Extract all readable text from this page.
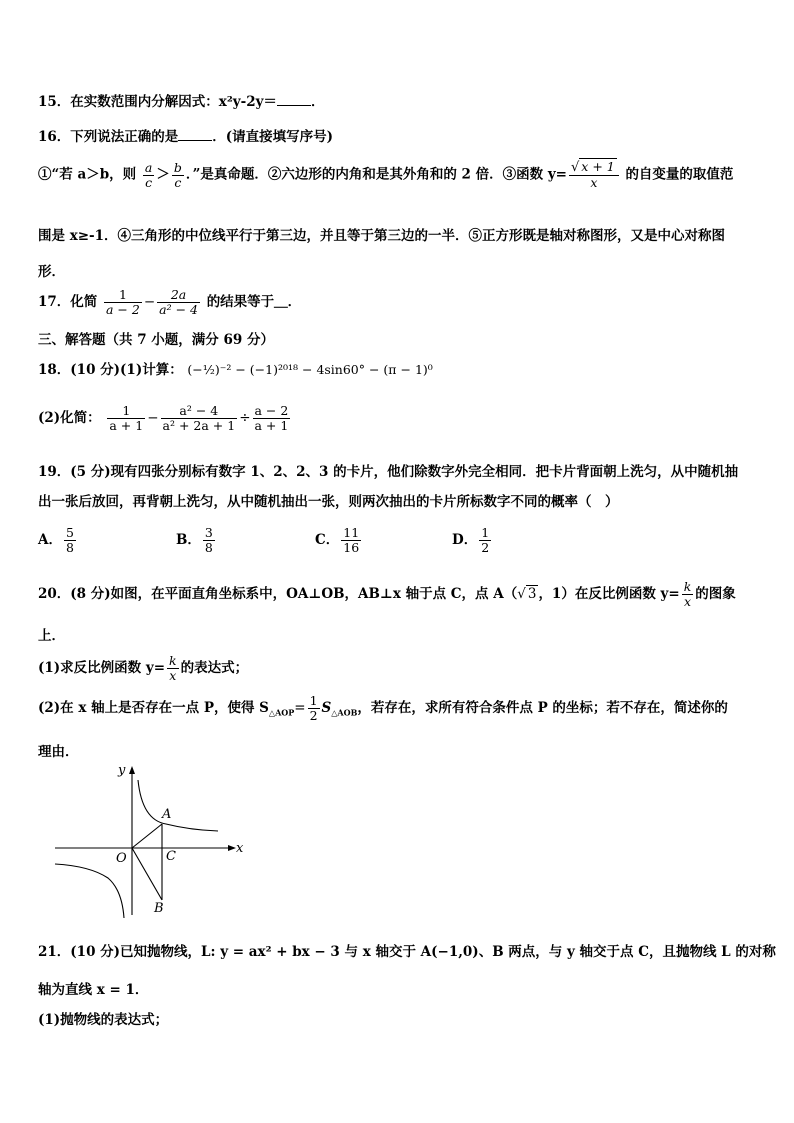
15．在实数范围内分解因式：x²y-2y＝	．
16．下列说法正确的是	．(请直接填写序号)
①“若 a＞b，则 $\frac{a}{c} > \frac{b}{c}$ ．”是真命题．②六边形的内角和是其外角和的 2 倍．③函数 $y= \frac{√ x + 1}{x}$ 的自变量的取值范
围是 x≥-1．④三角形的中位线平行于第三边，并且等于第三边的一半．⑤正方形既是轴对称图形，又是中心对称图
形．
17．化简 $\frac{1}{a - 2} - \frac{2a}{\text{a² − 4}}$ 的结果等于＿．
三、解答题（共 7 小题，满分 69 分）
18．(10 分)(1)计算： (−½)⁻² − (−1)²⁰¹⁸ − 4sin60° − (π − 1)⁰
(2)化简： $\frac{1}{a + 1} - \frac{\text{a² − 4}}{\text{a² + 2a + 1}} \div \frac{a - 2}{a + 1}$
19．(5 分)现有四张分别标有数字 1、2、2、3 的卡片，他们除数字外完全相同．把卡片背面朝上洗匀，从中随机抽
出一张后放回，再背朝上洗匀，从中随机抽出一张，则两次抽出的卡片所标数字不同的概率（　）
A． $\frac{5}{8}$	B． $\frac{3}{8}$	C． $\frac{11}{16}$	D． $\frac{1}{2}$
20．(8 分)如图，在平面直角坐标系中，OA⊥OB，AB⊥x 轴于点 C，点 A（√ 3 ，1）在反比例函数 $y= \frac{k}{x}$ 的图象
上．
(1)求反比例函数 $y= \frac{k}{x}$ 的表达式；
(2)在 x 轴上是否存在一点 P，使得 $S_{\triangle AOP}= \frac{1}{2} S_{\triangle AOB}$，若存在，求所有符合条件点 P 的坐标；若不存在，简述你的
理由．
y
x
O
A
C
B
21．(10 分)已知抛物线，L: y = ax² + bx − 3 与 x 轴交于 A(−1,0)、B 两点，与 y 轴交于点 C，且抛物线 L 的对称
轴为直线 x = 1．
(1)抛物线的表达式；
